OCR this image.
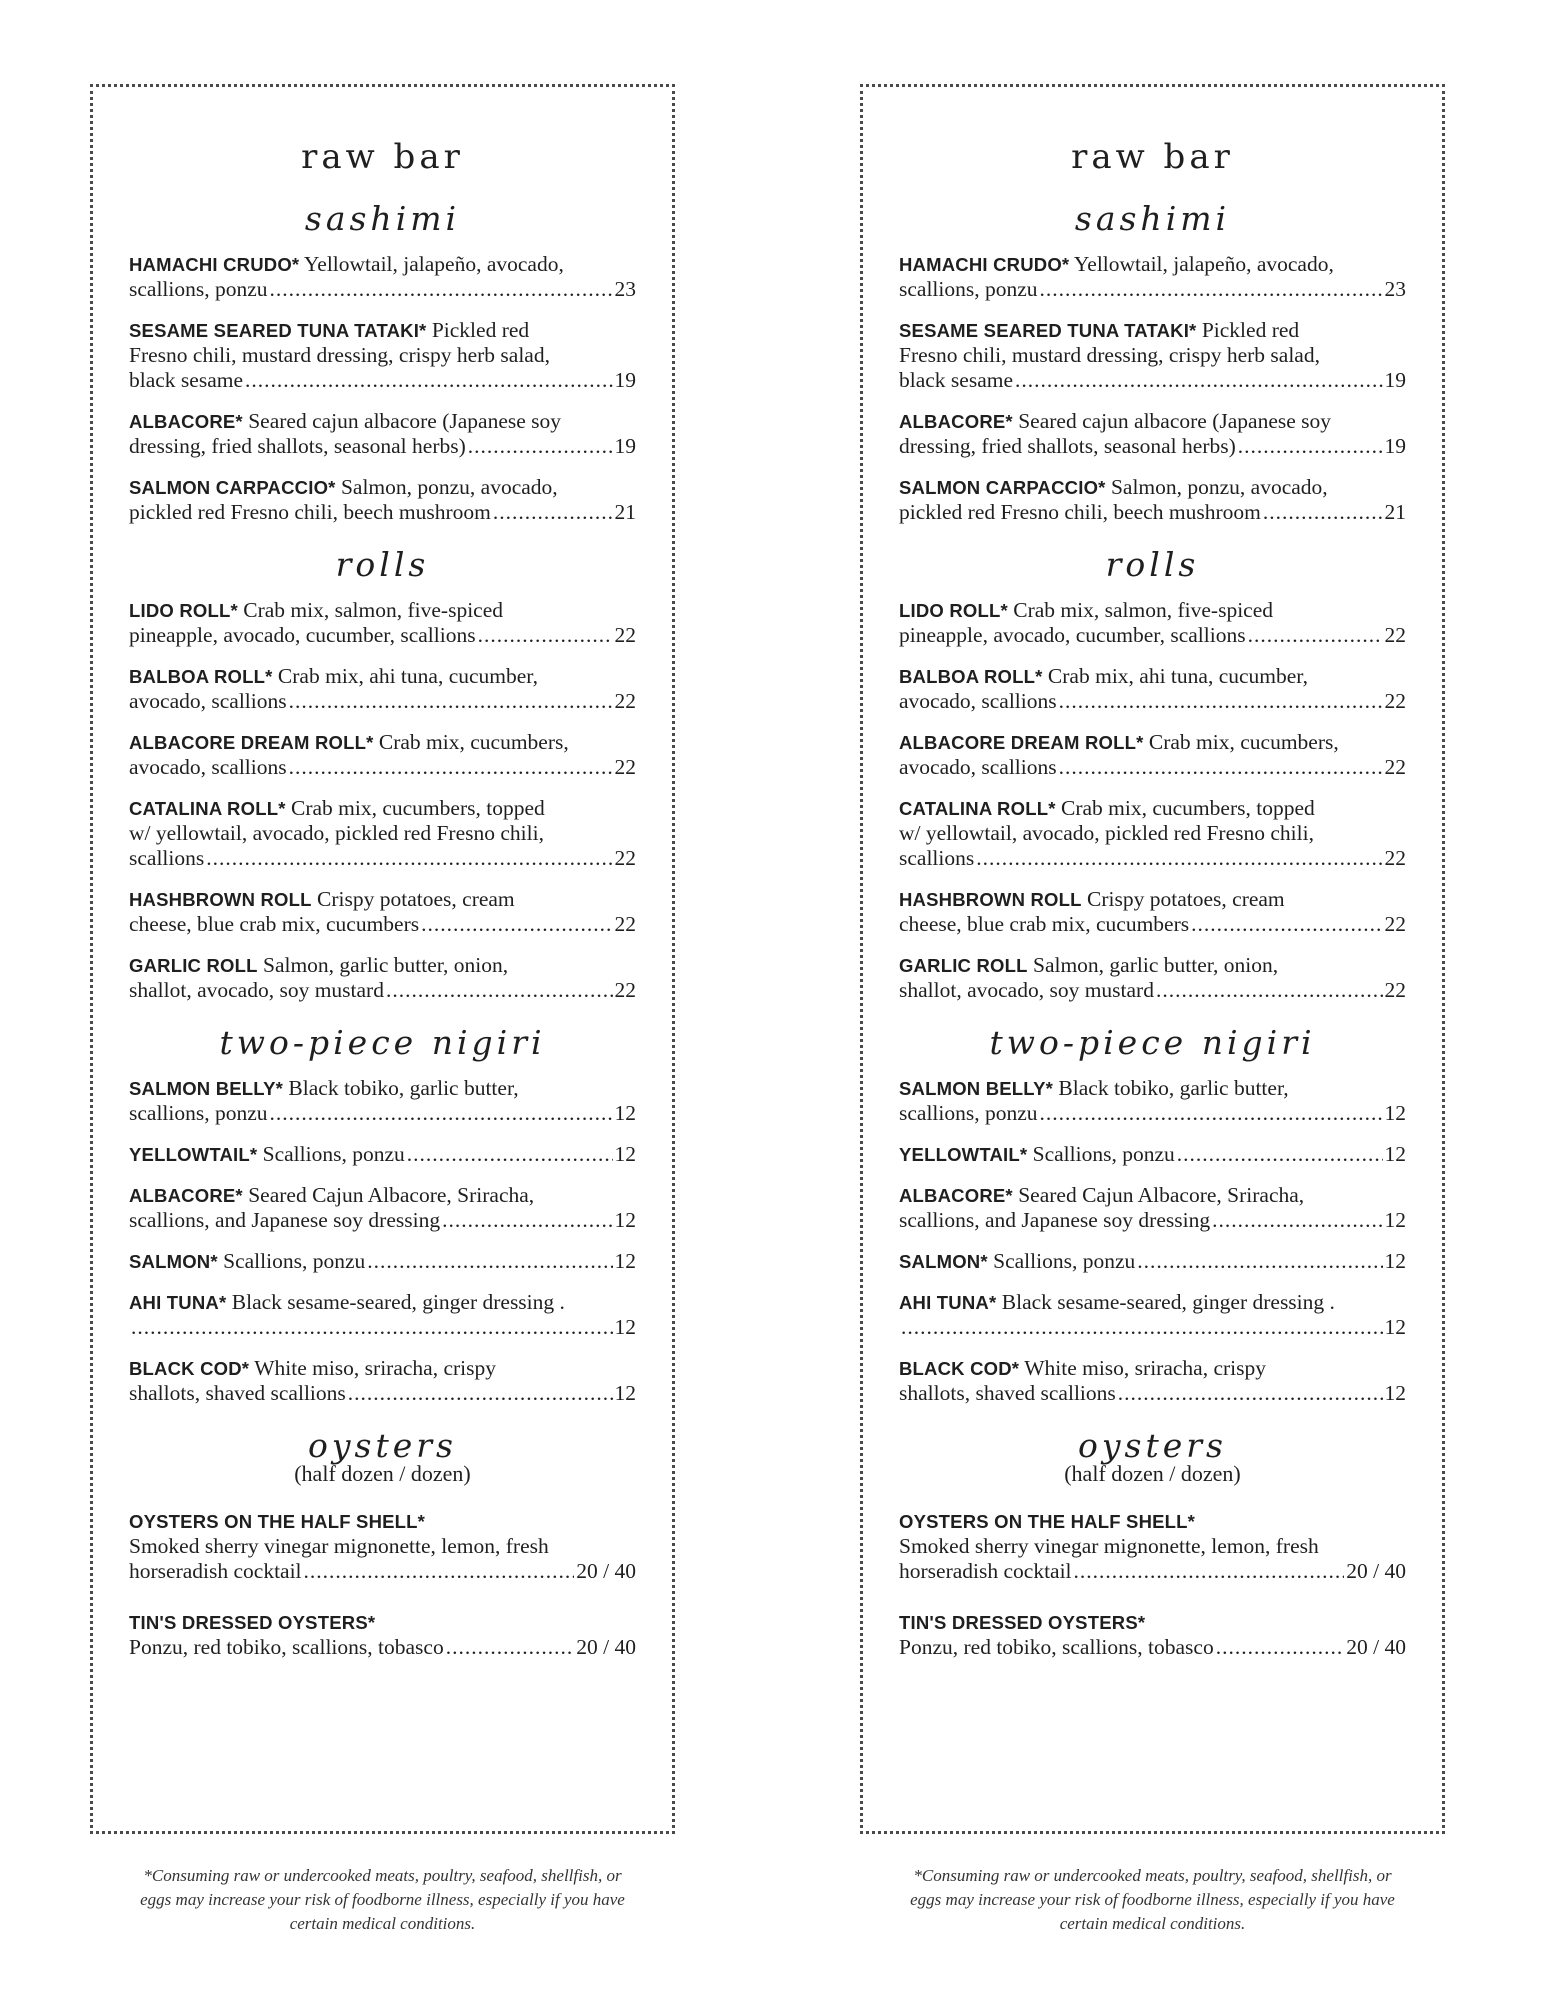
raw bar
sashimi
HAMACHI CRUDO* Yellowtail, jalapeño, avocado,
scallions, ponzu .....	23
SESAME SEARED TUNA TATAKI* Pickled red
Fresno chili, mustard dressing, crispy herb salad,
black sesame .....	19
ALBACORE* Seared cajun albacore (Japanese soy
dressing, fried shallots, seasonal herbs) .....	19
SALMON CARPACCIO* Salmon, ponzu, avocado,
pickled red Fresno chili, beech mushroom .....	21
rolls
LIDO ROLL* Crab mix, salmon, five-spiced
pineapple, avocado, cucumber, scallions .....	22
BALBOA ROLL* Crab mix, ahi tuna, cucumber,
avocado, scallions .....	22
ALBACORE DREAM ROLL* Crab mix, cucumbers,
avocado, scallions .....	22
CATALINA ROLL* Crab mix, cucumbers, topped
w/ yellowtail, avocado, pickled red Fresno chili,
scallions .....	22
HASHBROWN ROLL Crispy potatoes, cream
cheese, blue crab mix, cucumbers .....	22
GARLIC ROLL Salmon, garlic butter, onion,
shallot, avocado, soy mustard .....	22
two-piece nigiri
SALMON BELLY* Black tobiko, garlic butter,
scallions, ponzu .....	12
YELLOWTAIL* Scallions, ponzu .....	12
ALBACORE* Seared Cajun Albacore, Sriracha,
scallions, and Japanese soy dressing .....	12
SALMON* Scallions, ponzu .....	12
AHI TUNA* Black sesame-seared, ginger dressing .
.....
12
BLACK COD* White miso, sriracha, crispy
shallots, shaved scallions .....	12
oysters
(half dozen / dozen)
OYSTERS ON THE HALF SHELL*
Smoked sherry vinegar mignonette, lemon, fresh
horseradish cocktail .....	20 / 40
TIN'S DRESSED OYSTERS*
Ponzu, red tobiko, scallions, tobasco .....	20 / 40
raw bar
sashimi
HAMACHI CRUDO* Yellowtail, jalapeño, avocado,
scallions, ponzu .....	23
SESAME SEARED TUNA TATAKI* Pickled red
Fresno chili, mustard dressing, crispy herb salad,
black sesame .....	19
ALBACORE* Seared cajun albacore (Japanese soy
dressing, fried shallots, seasonal herbs) .....	19
SALMON CARPACCIO* Salmon, ponzu, avocado,
pickled red Fresno chili, beech mushroom .....	21
rolls
LIDO ROLL* Crab mix, salmon, five-spiced
pineapple, avocado, cucumber, scallions .....	22
BALBOA ROLL* Crab mix, ahi tuna, cucumber,
avocado, scallions .....	22
ALBACORE DREAM ROLL* Crab mix, cucumbers,
avocado, scallions .....	22
CATALINA ROLL* Crab mix, cucumbers, topped
w/ yellowtail, avocado, pickled red Fresno chili,
scallions .....	22
HASHBROWN ROLL Crispy potatoes, cream
cheese, blue crab mix, cucumbers .....	22
GARLIC ROLL Salmon, garlic butter, onion,
shallot, avocado, soy mustard .....	22
two-piece nigiri
SALMON BELLY* Black tobiko, garlic butter,
scallions, ponzu .....	12
YELLOWTAIL* Scallions, ponzu .....	12
ALBACORE* Seared Cajun Albacore, Sriracha,
scallions, and Japanese soy dressing .....	12
SALMON* Scallions, ponzu .....	12
AHI TUNA* Black sesame-seared, ginger dressing .
.....
12
BLACK COD* White miso, sriracha, crispy
shallots, shaved scallions .....	12
oysters
(half dozen / dozen)
OYSTERS ON THE HALF SHELL*
Smoked sherry vinegar mignonette, lemon, fresh
horseradish cocktail .....	20 / 40
TIN'S DRESSED OYSTERS*
Ponzu, red tobiko, scallions, tobasco .....	20 / 40
*Consuming raw or undercooked meats, poultry, seafood, shellfish, or
eggs may increase your risk of foodborne illness, especially if you have
certain medical conditions.
*Consuming raw or undercooked meats, poultry, seafood, shellfish, or
eggs may increase your risk of foodborne illness, especially if you have
certain medical conditions.
